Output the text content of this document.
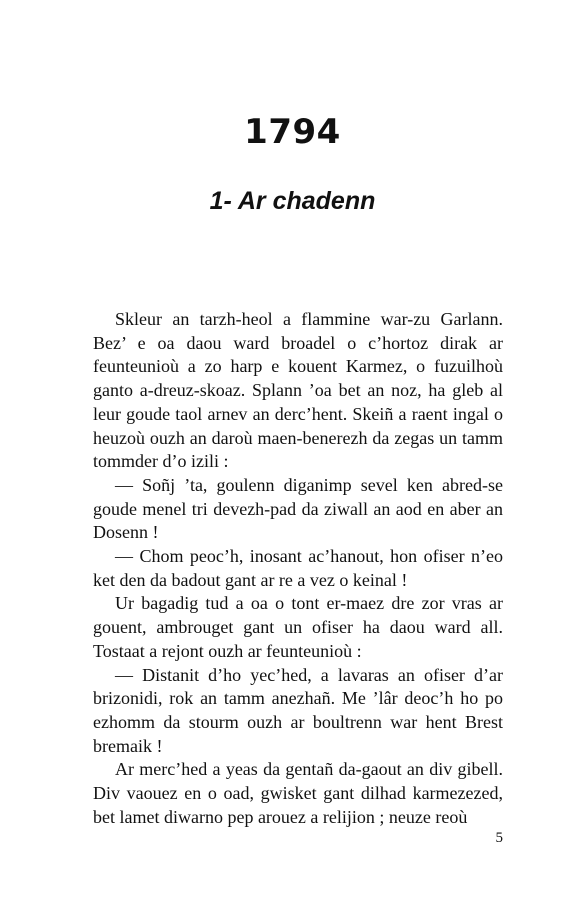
1794
1- Ar chadenn

Skleur an tarzh-heol a flammine war-zu Garlann. Bez’ e oa daou ward broadel o c’hortoz dirak ar feunteunioù a zo harp e kouent Karmez, o fuzuilhoù ganto a-dreuz-skoaz. Splann ’oa bet an noz, ha gleb al leur goude taol arnev an derc’hent. Skeiñ a raent ingal o heuzoù ouzh an daroù maen-benerezh da zegas un tamm tommder d’o izili :

— Soñj ’ta, goulenn diganimp sevel ken abred-se goude menel tri devezh-pad da ziwall an aod en aber an Dosenn !

— Chom peoc’h, inosant ac’hanout, hon ofiser n’eo ket den da badout gant ar re a vez o keinal !

Ur bagadig tud a oa o tont er-maez dre zor vras ar gouent, ambrouget gant un ofiser ha daou ward all. Tostaat a rejont ouzh ar feunteunioù :

— Distanit d’ho yec’hed, a lavaras an ofiser d’ar brizonidi, rok an tamm anezhañ. Me ’lâr deoc’h ho po ezhomm da stourm ouzh ar boultrenn war hent Brest bremaik !

Ar merc’hed a yeas da gentañ da-gaout an div gibell. Div vaouez en o oad, gwisket gant dilhad karmezezed, bet lamet diwarno pep arouez a relijion ; neuze reoù

5
